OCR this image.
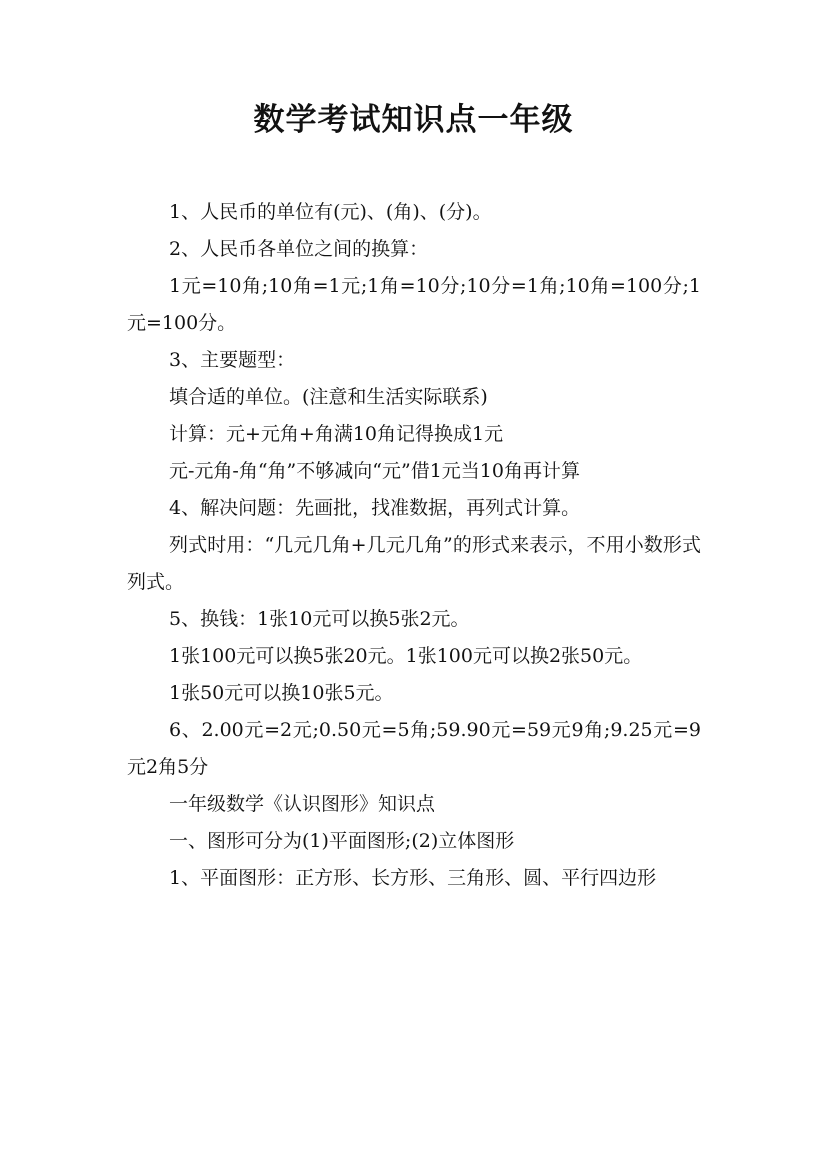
数学考试知识点一年级

1、人民币的单位有(元)、(角)、(分)。

2、人民币各单位之间的换算：

1元=10角;10角=1元;1角=10分;10分=1角;10角=100分;1元=100分。

3、主要题型：

填合适的单位。(注意和生活实际联系)

计算：元+元角+角满10角记得换成1元

元-元角-角“角”不够减向“元”借1元当10角再计算

4、解决问题：先画批，找准数据，再列式计算。

列式时用：“几元几角+几元几角”的形式来表示，不用小数形式列式。

5、换钱：1张10元可以换5张2元。

1张100元可以换5张20元。1张100元可以换2张50元。

1张50元可以换10张5元。

6、2.00元=2元;0.50元=5角;59.90元=59元9角;9.25元=9元2角5分

一年级数学《认识图形》知识点

一、图形可分为(1)平面图形;(2)立体图形

1、平面图形：正方形、长方形、三角形、圆、平行四边形
